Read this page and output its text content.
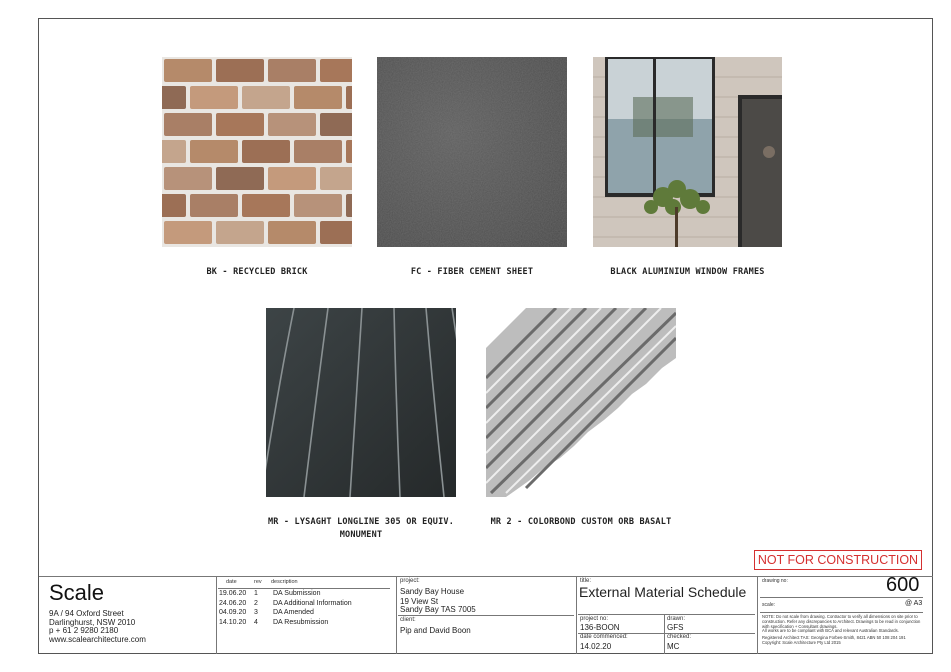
BK - RECYCLED BRICK	FC - FIBER CEMENT SHEET	BLACK ALUMINIUM WINDOW FRAMES
MR - LYSAGHT LONGLINE 305 OR EQUIV.
MONUMENT
MR 2 - COLORBOND CUSTOM ORB BASALT
NOT FOR CONSTRUCTION
Scale
9A / 94 Oxford Street
Darlinghurst, NSW 2010
p + 61 2 9280 2180
www.scalearchitecture.com
date	rev description
19.06.20 1 DA Submission
24.06.20 2 DA Additional Information
04.09.20 3 DA Amended
14.10.20 4 DA Resubmission
project:
Sandy Bay House
19 View St
Sandy Bay TAS 7005
client:
Pip and David Boon
title:
External Material Schedule
project no:
136-BOON
drawn:
GFS
date commenced:
14.02.20
checked:
MC
drawing no:	600
scale:	@ A3
NOTE: Do not scale from drawing. Contractor to verify all dimensions on site prior to construction. Refer any discrepancies to Architect. Drawings to be read in conjunction with specification + Consultant drawings.
All works are to be compliant with BCA and relevant Australian Standards.
Registered Architect TAS: Georgina Forbes-Smith, 8421 ABN 50 108 204 191
Copyright: Scale Architecture Pty Ltd 2015
